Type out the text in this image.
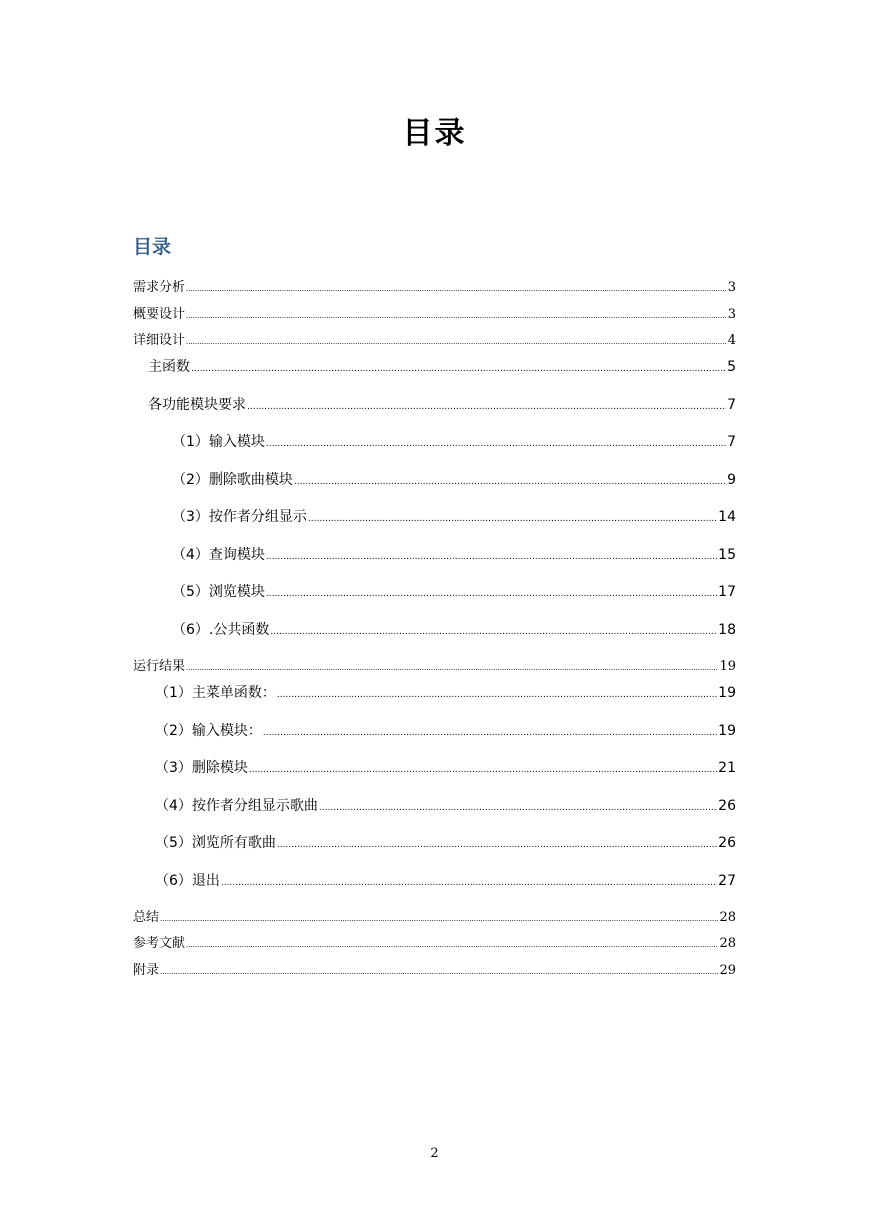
目录
目录
需求分析 .....	3
概要设计 .....	3
详细设计 .....	4
主函数 .....	5
各功能模块要求 .....	7
（1）输入模块 .....	7
（2）删除歌曲模块 .....	9
（3）按作者分组显示 .....	14
（4）查询模块 .....	15
（5）浏览模块 .....	17
（6）.公共函数 .....	18
运行结果 .....	19
（1）主菜单函数： .....	19
（2）输入模块： .....	19
（3）删除模块 .....	21
（4）按作者分组显示歌曲 .....	26
（5）浏览所有歌曲 .....	26
（6）退出 .....	27
总结 .....	28
参考文献 .....	28
附录 .....	29
2
